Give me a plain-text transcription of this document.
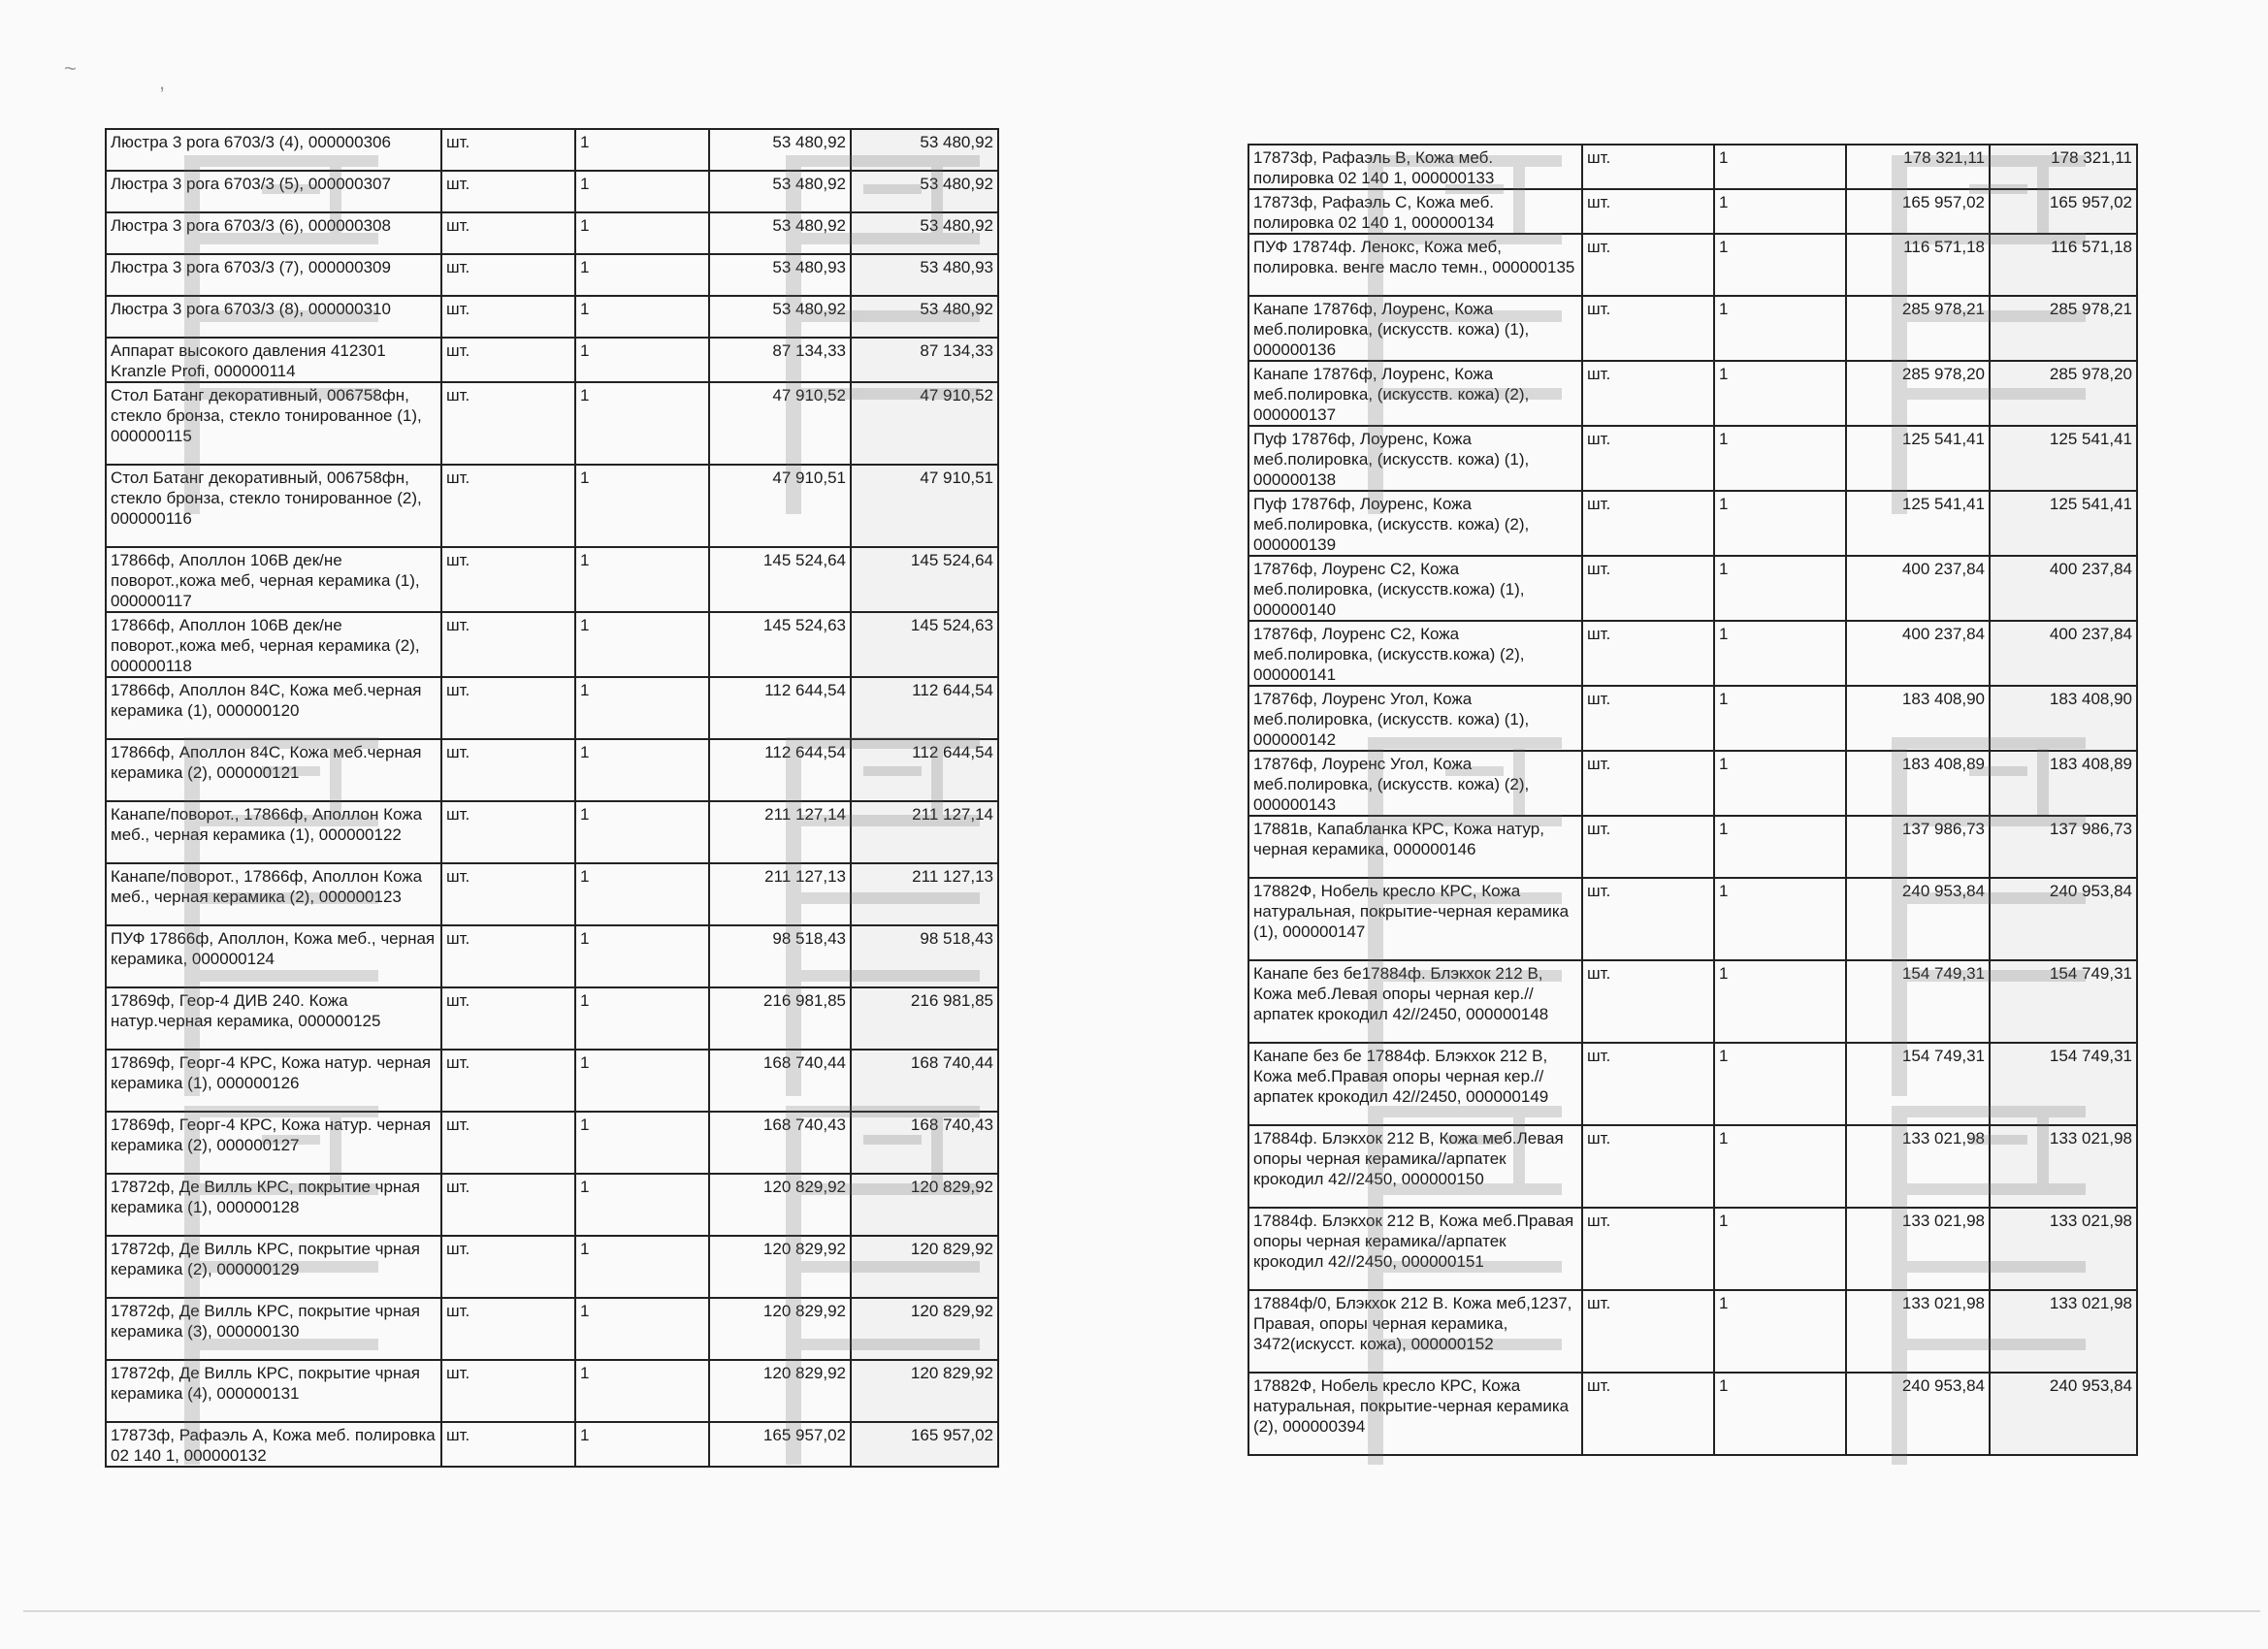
~
,
Люстра 3 рога 6703/3 (4), 000000306	шт.	1	53 480,92	53 480,92
Люстра 3 рога 6703/3 (5), 000000307	шт.	1	53 480,92	53 480,92
Люстра 3 рога 6703/3 (6), 000000308	шт.	1	53 480,92	53 480,92
Люстра 3 рога 6703/3 (7), 000000309	шт.	1	53 480,93	53 480,93
Люстра 3 рога 6703/3 (8), 000000310	шт.	1	53 480,92	53 480,92
Аппарат высокого давления 412301 Kranzle Profi, 000000114	шт.	1	87 134,33	87 134,33
Стол Батанг декоративный, 006758фн, стекло бронза, стекло тонированное (1), 000000115	шт.	1	47 910,52	47 910,52
Стол Батанг декоративный, 006758фн, стекло бронза, стекло тонированное (2), 000000116	шт.	1	47 910,51	47 910,51
17866ф, Аполлон 106В дек/не поворот.,кожа меб, черная керамика (1), 000000117	шт.	1	145 524,64	145 524,64
17866ф, Аполлон 106В дек/не поворот.,кожа меб, черная керамика (2), 000000118	шт.	1	145 524,63	145 524,63
17866ф, Аполлон 84С, Кожа меб.черная керамика (1), 000000120	шт.	1	112 644,54	112 644,54
17866ф, Аполлон 84С, Кожа меб.черная керамика (2), 000000121	шт.	1	112 644,54	112 644,54
Канапе/поворот., 17866ф, Аполлон Кожа меб., черная керамика (1), 000000122	шт.	1	211 127,14	211 127,14
Канапе/поворот., 17866ф, Аполлон Кожа меб., черная керамика (2), 000000123	шт.	1	211 127,13	211 127,13
ПУФ 17866ф, Аполлон, Кожа меб., черная керамика, 000000124	шт.	1	98 518,43	98 518,43
17869ф, Геор-4 ДИВ 240. Кожа натур.черная керамика, 000000125	шт.	1	216 981,85	216 981,85
17869ф, Георг-4 КРС, Кожа натур. черная керамика (1), 000000126	шт.	1	168 740,44	168 740,44
17869ф, Георг-4 КРС, Кожа натур. черная керамика (2), 000000127	шт.	1	168 740,43	168 740,43
17872ф, Де Вилль КРС, покрытие чрная керамика (1), 000000128	шт.	1	120 829,92	120 829,92
17872ф, Де Вилль КРС, покрытие чрная керамика (2), 000000129	шт.	1	120 829,92	120 829,92
17872ф, Де Вилль КРС, покрытие чрная керамика (3), 000000130	шт.	1	120 829,92	120 829,92
17872ф, Де Вилль КРС, покрытие чрная керамика (4), 000000131	шт.	1	120 829,92	120 829,92
17873ф, Рафаэль А, Кожа меб. полировка 02 140 1, 000000132	шт.	1	165 957,02	165 957,02
17873ф, Рафаэль В, Кожа меб. полировка 02 140 1, 000000133	шт.	1	178 321,11	178 321,11
17873ф, Рафаэль С, Кожа меб. полировка 02 140 1, 000000134	шт.	1	165 957,02	165 957,02
ПУФ 17874ф. Ленокс, Кожа меб, полировка. венге масло темн., 000000135	шт.	1	116 571,18	116 571,18
Канапе 17876ф, Лоуренс, Кожа меб.полировка, (искусств. кожа) (1), 000000136	шт.	1	285 978,21	285 978,21
Канапе 17876ф, Лоуренс, Кожа меб.полировка, (искусств. кожа) (2), 000000137	шт.	1	285 978,20	285 978,20
Пуф 17876ф, Лоуренс, Кожа меб.полировка, (искусств. кожа) (1), 000000138	шт.	1	125 541,41	125 541,41
Пуф 17876ф, Лоуренс, Кожа меб.полировка, (искусств. кожа) (2), 000000139	шт.	1	125 541,41	125 541,41
17876ф, Лоуренс С2, Кожа меб.полировка, (искусств.кожа) (1), 000000140	шт.	1	400 237,84	400 237,84
17876ф, Лоуренс С2, Кожа меб.полировка, (искусств.кожа) (2), 000000141	шт.	1	400 237,84	400 237,84
17876ф, Лоуренс Угол, Кожа меб.полировка, (искусств. кожа) (1), 000000142	шт.	1	183 408,90	183 408,90
17876ф, Лоуренс Угол, Кожа меб.полировка, (искусств. кожа) (2), 000000143	шт.	1	183 408,89	183 408,89
17881в, Капабланка КРС, Кожа натур, черная керамика, 000000146	шт.	1	137 986,73	137 986,73
17882Ф, Нобель кресло КРС, Кожа натуральная, покрытие-черная керамика (1), 000000147	шт.	1	240 953,84	240 953,84
Канапе без бе17884ф. Блэкхок 212 В, Кожа меб.Левая опоры черная кер.//арпатек крокодил 42//2450, 000000148	шт.	1	154 749,31	154 749,31
Канапе без бе 17884ф. Блэкхок 212 В, Кожа меб.Правая опоры черная кер.//арпатек крокодил 42//2450, 000000149	шт.	1	154 749,31	154 749,31
17884ф. Блэкхок 212 В, Кожа меб.Левая опоры черная керамика//арпатек крокодил 42//2450, 000000150	шт.	1	133 021,98	133 021,98
17884ф. Блэкхок 212 В, Кожа меб.Правая опоры черная керамика//арпатек крокодил 42//2450, 000000151	шт.	1	133 021,98	133 021,98
17884ф/0, Блэкхок 212 В. Кожа меб,1237, Правая, опоры черная керамика, 3472(искусст. кожа), 000000152	шт.	1	133 021,98	133 021,98
17882Ф, Нобель кресло КРС, Кожа натуральная, покрытие-черная керамика (2), 000000394	шт.	1	240 953,84	240 953,84
